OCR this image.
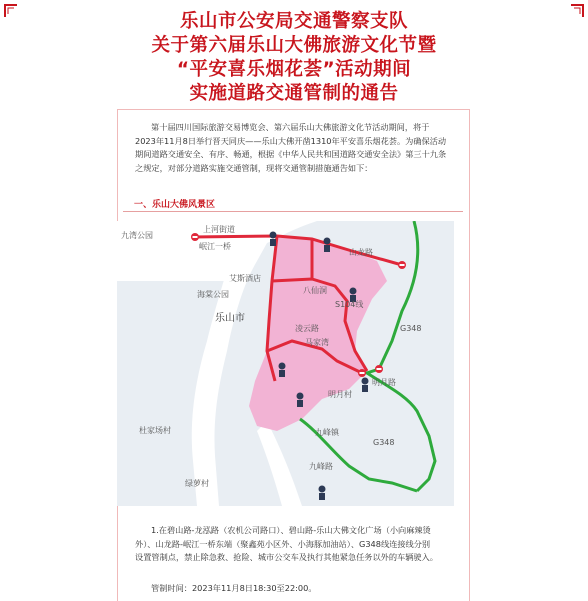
乐山市公安局交通警察支队
关于第六届乐山大佛旅游文化节暨
“平安喜乐烟花荟”活动期间
实施道路交通管制的通告
第十届四川国际旅游交易博览会、第六届乐山大佛旅游文化节活动期间，将于
2023年11月8日举行晋天同庆——乐山大佛开凿1310年平安喜乐烟花荟。为确保活动
期间道路交通安全、有序、畅通，根据《中华人民共和国道路交通安全法》第三十九条
之规定，对部分道路实施交通管制，现将交通管制措施通告如下：
一、乐山大佛风景区
九湾公园
岷江一桥
上河街道
山龙路
艾斯酒店
海棠公园
乐山市
八仙洞
凌云路
马家湾
S104线
G348
G348
明月村
明月路
杜家场村	九峰镇
九峰路
绿萝村
1.在碧山路-龙泓路（农机公司路口）、碧山路-乐山大佛文化广场（小向麻辣烫
外）、山龙路-岷江一桥东端（聚鑫苑小区外、小海豚加油站）、G348线连接线分别
设置管制点，禁止除急救、抢险、城市公交车及执行其他紧急任务以外的车辆驶入。
管制时间：2023年11月8日18:30至22:00。
